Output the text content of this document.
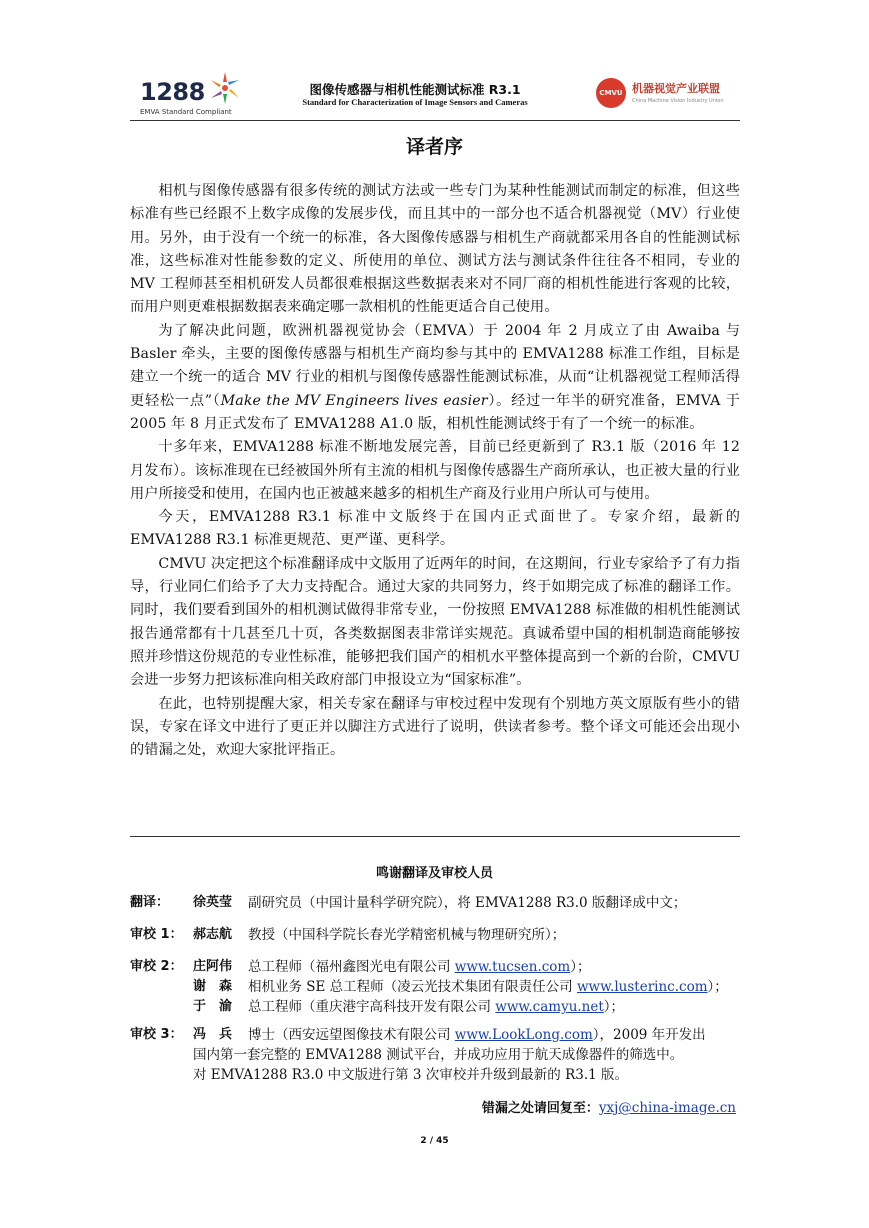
1288
EMVA Standard Compliant
图像传感器与相机性能测试标准 R3.1
Standard for Characterization of Image Sensors and Cameras
CMVU 机器视觉产业联盟
China Machine Vision Industry Union
译者序

相机与图像传感器有很多传统的测试方法或一些专门为某种性能测试而制定的标准，但这些标准有些已经跟不上数字成像的发展步伐，而且其中的一部分也不适合机器视觉（MV）行业使用。另外，由于没有一个统一的标准，各大图像传感器与相机生产商就都采用各自的性能测试标准，这些标准对性能参数的定义、所使用的单位、测试方法与测试条件往往各不相同，专业的 MV 工程师甚至相机研发人员都很难根据这些数据表来对不同厂商的相机性能进行客观的比较，而用户则更难根据数据表来确定哪一款相机的性能更适合自己使用。

为了解决此问题，欧洲机器视觉协会（EMVA）于 2004 年 2 月成立了由 Awaiba 与 Basler 牵头，主要的图像传感器与相机生产商均参与其中的 EMVA1288 标准工作组，目标是建立一个统一的适合 MV 行业的相机与图像传感器性能测试标准，从而“让机器视觉工程师活得更轻松一点”（Make the MV Engineers lives easier）。经过一年半的研究准备，EMVA 于 2005 年 8 月正式发布了 EMVA1288 A1.0 版，相机性能测试终于有了一个统一的标准。

十多年来，EMVA1288 标准不断地发展完善，目前已经更新到了 R3.1 版（2016 年 12 月发布）。该标准现在已经被国外所有主流的相机与图像传感器生产商所承认，也正被大量的行业用户所接受和使用，在国内也正被越来越多的相机生产商及行业用户所认可与使用。

今天，EMVA1288 R3.1 标准中文版终于在国内正式面世了。专家介绍，最新的 EMVA1288 R3.1 标准更规范、更严谨、更科学。

CMVU 决定把这个标准翻译成中文版用了近两年的时间，在这期间，行业专家给予了有力指导，行业同仁们给予了大力支持配合。通过大家的共同努力，终于如期完成了标准的翻译工作。同时，我们要看到国外的相机测试做得非常专业，一份按照 EMVA1288 标准做的相机性能测试报告通常都有十几甚至几十页，各类数据图表非常详实规范。真诚希望中国的相机制造商能够按照并珍惜这份规范的专业性标准，能够把我们国产的相机水平整体提高到一个新的台阶，CMVU 会进一步努力把该标准向相关政府部门申报设立为“国家标准”。

在此，也特别提醒大家，相关专家在翻译与审校过程中发现有个别地方英文原版有些小的错误，专家在译文中进行了更正并以脚注方式进行了说明，供读者参考。整个译文可能还会出现小的错漏之处，欢迎大家批评指正。

鸣谢翻译及审校人员
翻译： 徐英莹 副研究员（中国计量科学研究院），将 EMVA1288 R3.0 版翻译成中文；
审校 1： 郝志航 教授（中国科学院长春光学精密机械与物理研究所）；
审校 2： 庄阿伟 总工程师（福州鑫图光电有限公司 www.tucsen.com）；
谢　森 相机业务 SE 总工程师（凌云光技术集团有限责任公司 www.lusterinc.com）；
于　渝 总工程师（重庆港宇高科技开发有限公司 www.camyu.net）；
审校 3： 冯　兵 博士（西安远望图像技术有限公司 www.LookLong.com），2009 年开发出
国内第一套完整的 EMVA1288 测试平台，并成功应用于航天成像器件的筛选中。
对 EMVA1288 R3.0 中文版进行第 3 次审校并升级到最新的 R3.1 版。
错漏之处请回复至：yxj@china-image.cn
2 / 45
